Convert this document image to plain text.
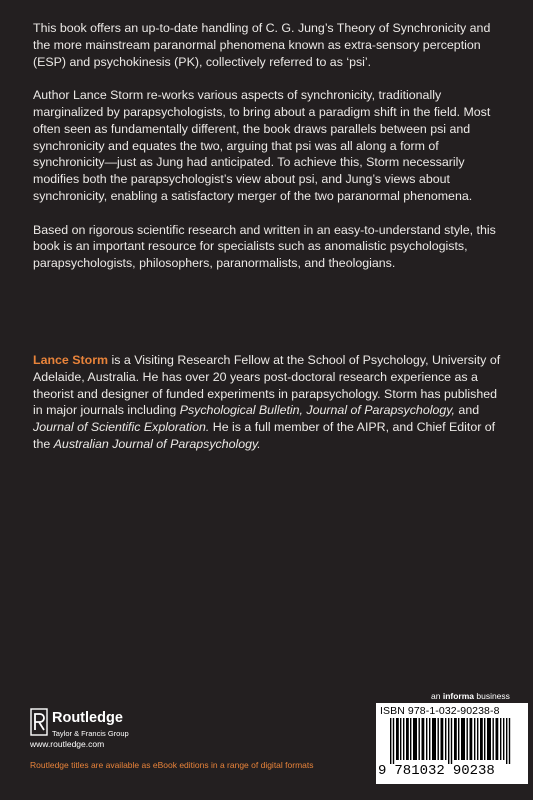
This book offers an up-to-date handling of C. G. Jung’s Theory of Synchronicity and the more mainstream paranormal phenomena known as extra-sensory perception (ESP) and psychokinesis (PK), collectively referred to as ‘psi’.

Author Lance Storm re-works various aspects of synchronicity, traditionally marginalized by parapsychologists, to bring about a paradigm shift in the field. Most often seen as fundamentally different, the book draws parallels between psi and synchronicity and equates the two, arguing that psi was all along a form of synchronicity—just as Jung had anticipated. To achieve this, Storm necessarily modifies both the parapsychologist’s view about psi, and Jung’s views about synchronicity, enabling a satisfactory merger of the two paranormal phenomena.

Based on rigorous scientific research and written in an easy-to-understand style, this book is an important resource for specialists such as anomalistic psychologists, parapsychologists, philosophers, paranormalists, and theologians.

Lance Storm is a Visiting Research Fellow at the School of Psychology, University of Adelaide, Australia. He has over 20 years post-doctoral research experience as a theorist and designer of funded experiments in parapsychology. Storm has published in major journals including Psychological Bulletin, Journal of Parapsychology, and Journal of Scientific Exploration. He is a full member of the AIPR, and Chief Editor of the Australian Journal of Parapsychology.

an informa business
ISBN 978-1-032-90238-8
9 781032 90238
Routledge
Taylor & Francis Group
www.routledge.com
Routledge titles are available as eBook editions in a range of digital formats
